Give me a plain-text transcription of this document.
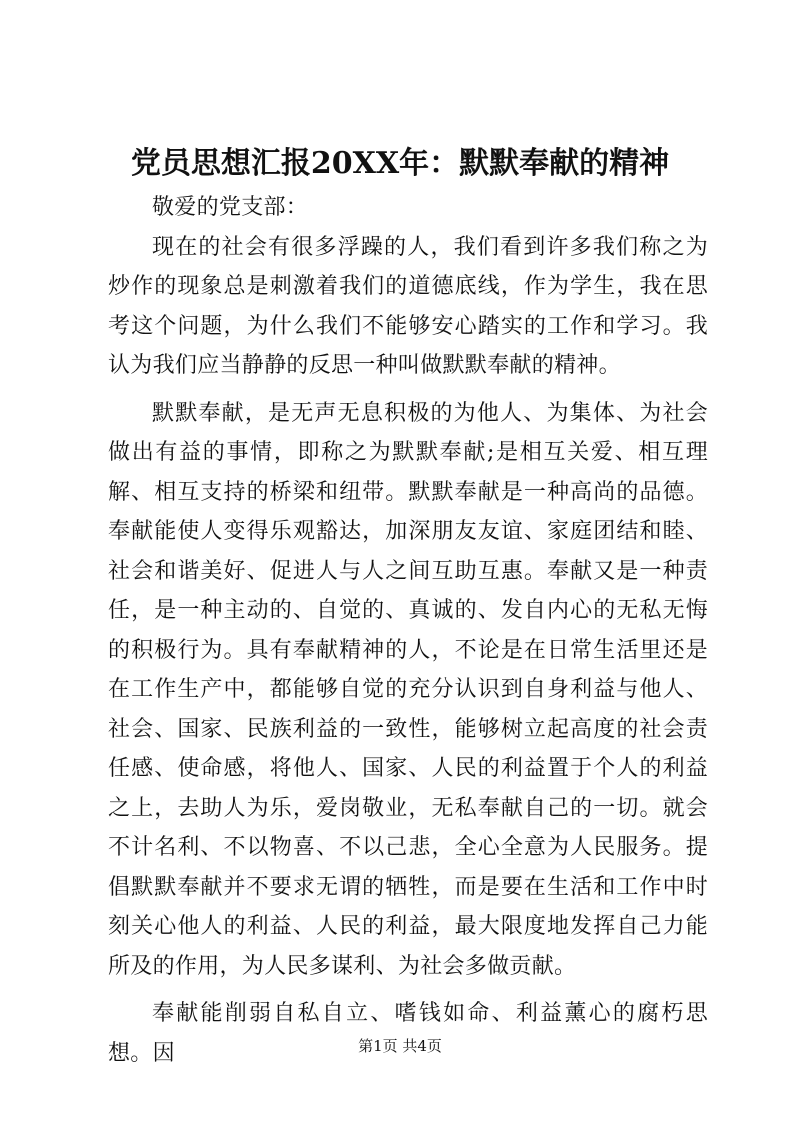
党员思想汇报20XX年：默默奉献的精神

敬爱的党支部：

现在的社会有很多浮躁的人，我们看到许多我们称之为炒作的现象总是刺激着我们的道德底线，作为学生，我在思考这个问题，为什么我们不能够安心踏实的工作和学习。我认为我们应当静静的反思一种叫做默默奉献的精神。

默默奉献，是无声无息积极的为他人、为集体、为社会做出有益的事情，即称之为默默奉献;是相互关爱、相互理解、相互支持的桥梁和纽带。默默奉献是一种高尚的品德。奉献能使人变得乐观豁达，加深朋友友谊、家庭团结和睦、社会和谐美好、促进人与人之间互助互惠。奉献又是一种责任，是一种主动的、自觉的、真诚的、发自内心的无私无悔的积极行为。具有奉献精神的人，不论是在日常生活里还是在工作生产中，都能够自觉的充分认识到自身利益与他人、社会、国家、民族利益的一致性，能够树立起高度的社会责任感、使命感，将他人、国家、人民的利益置于个人的利益之上，去助人为乐，爱岗敬业，无私奉献自己的一切。就会不计名利、不以物喜、不以己悲，全心全意为人民服务。提倡默默奉献并不要求无谓的牺牲，而是要在生活和工作中时刻关心他人的利益、人民的利益，最大限度地发挥自己力能所及的作用，为人民多谋利、为社会多做贡献。

奉献能削弱自私自立、嗜钱如命、利益薰心的腐朽思想。因	第1页 共4页
